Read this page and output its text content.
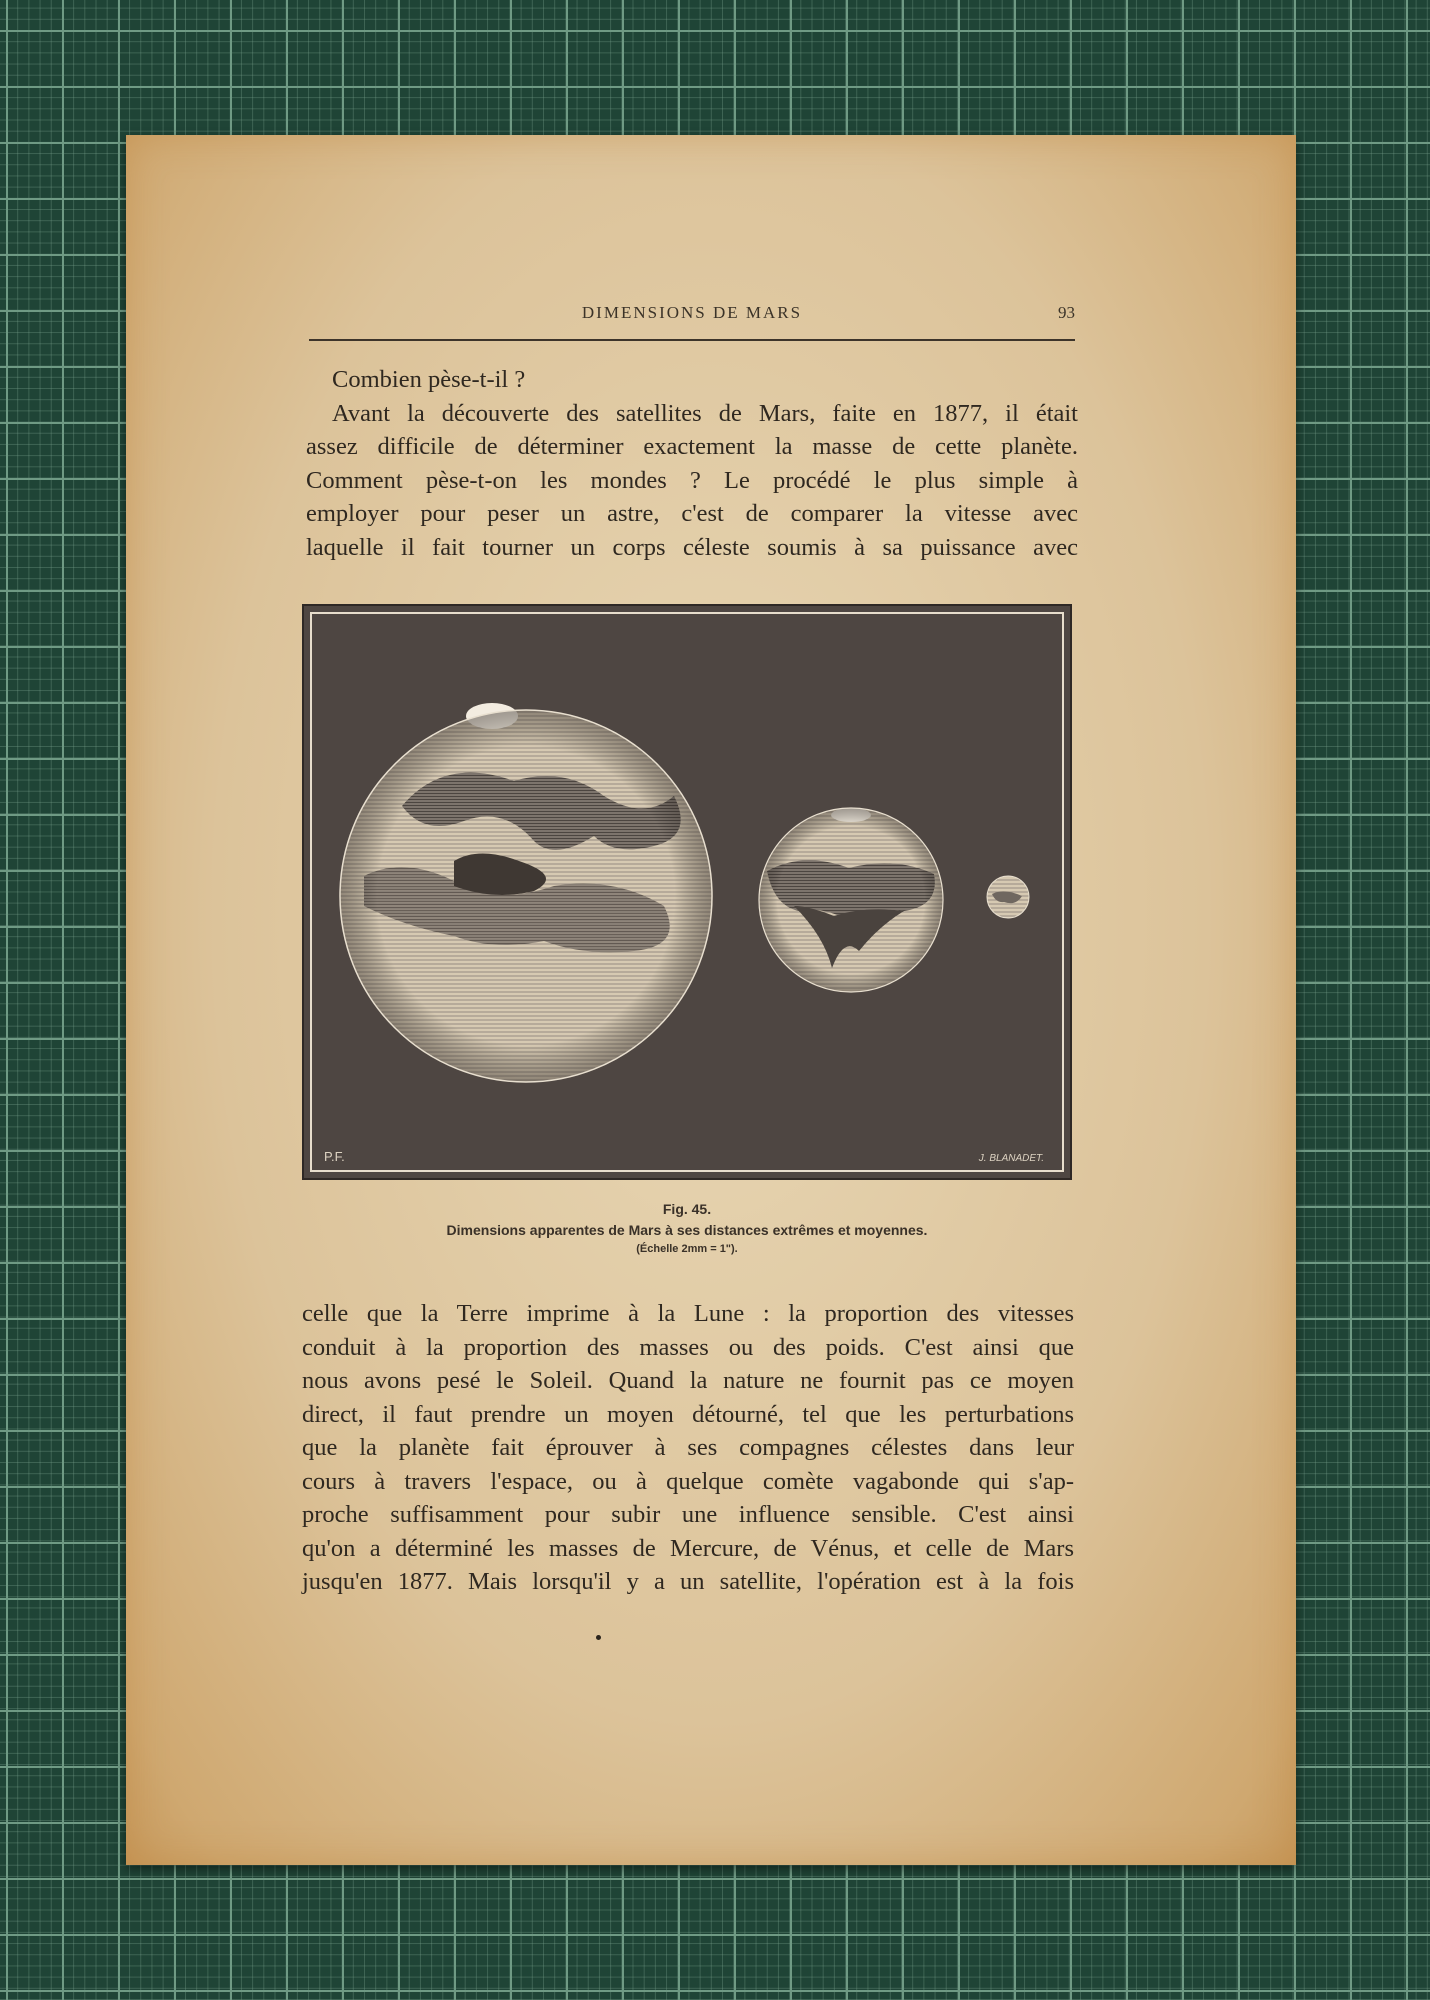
DIMENSIONS DE MARS	93
Combien pèse-t-il ?
Avant la découverte des satellites de Mars, faite en 1877, il était
assez difficile de déterminer exactement la masse de cette planète.
Comment pèse-t-on les mondes ? Le procédé le plus simple à
employer pour peser un astre, c'est de comparer la vitesse avec
laquelle il fait tourner un corps céleste soumis à sa puissance avec
P.F.	J. BLANADET.
Fig. 45.
Dimensions apparentes de Mars à ses distances extrêmes et moyennes.
(Échelle 2mm = 1").
celle que la Terre imprime à la Lune : la proportion des vitesses
conduit à la proportion des masses ou des poids. C'est ainsi que
nous avons pesé le Soleil. Quand la nature ne fournit pas ce moyen
direct, il faut prendre un moyen détourné, tel que les perturbations
que la planète fait éprouver à ses compagnes célestes dans leur
cours à travers l'espace, ou à quelque comète vagabonde qui s'ap-
proche suffisamment pour subir une influence sensible. C'est ainsi
qu'on a déterminé les masses de Mercure, de Vénus, et celle de Mars
jusqu'en 1877. Mais lorsqu'il y a un satellite, l'opération est à la fois
